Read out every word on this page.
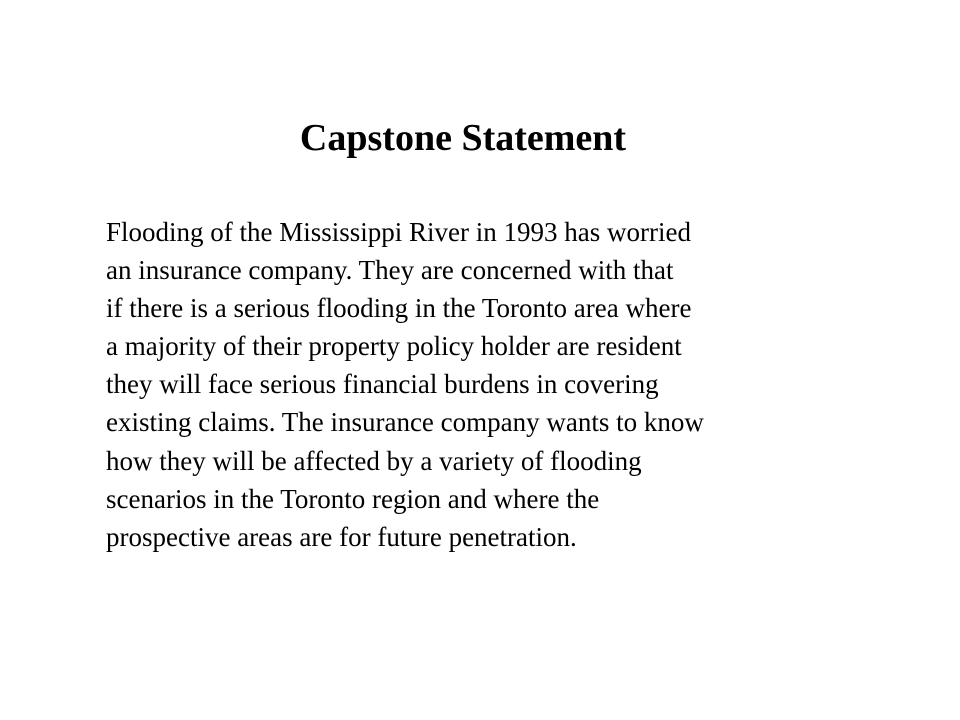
Capstone Statement

Flooding of the Mississippi River in 1993 has worried
an insurance company. They are concerned with that
if there is a serious flooding in the Toronto area where
a majority of their property policy holder are resident
they will face serious financial burdens in covering
existing claims. The insurance company wants to know
how they will be affected by a variety of flooding
scenarios in the Toronto region and where the
prospective areas are for future penetration.
